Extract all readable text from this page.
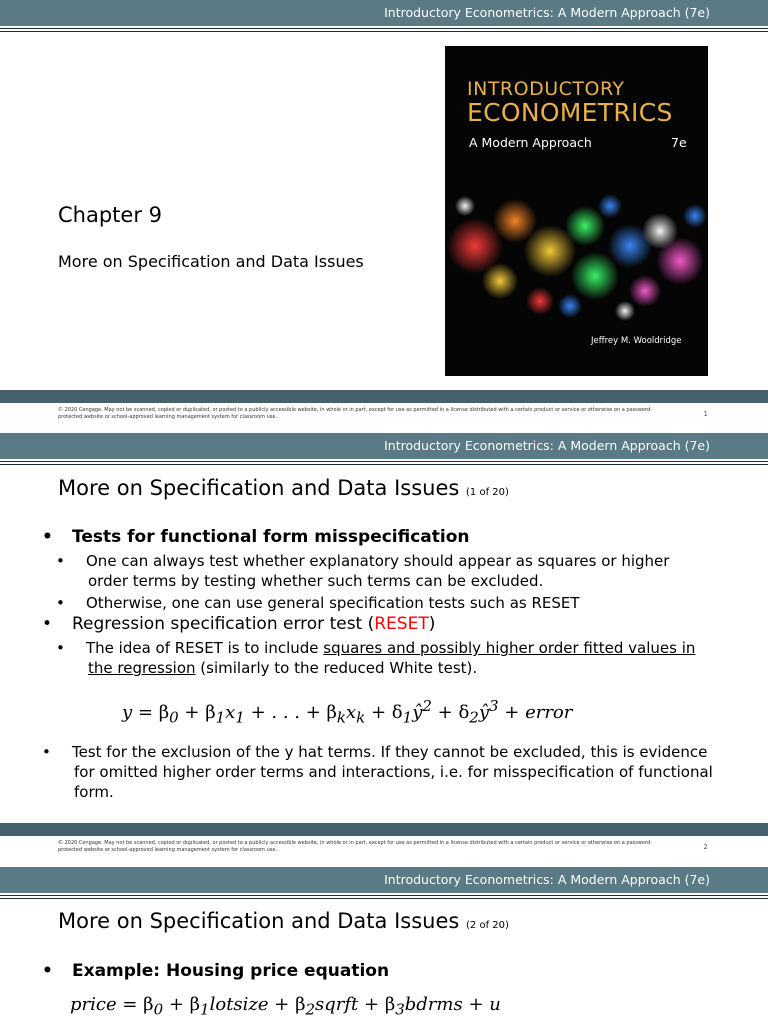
Introductory Econometrics: A Modern Approach (7e)
Chapter 9
More on Specification and Data Issues
INTRODUCTORY
ECONOMETRICS
A Modern Approach	7e
Jeffrey M. Wooldridge
© 2020 Cengage. May not be scanned, copied or duplicated, or posted to a publicly accessible website, in whole or in part, except for use as permitted in a license distributed with a certain product or service or otherwise on a password-protected website or school-approved learning management system for classroom use.	1
Introductory Econometrics: A Modern Approach (7e)
More on Specification and Data Issues (1 of 20)
• Tests for functional form misspecification
• One can always test whether explanatory should appear as squares or higher order terms by testing whether such terms can be excluded.
• Otherwise, one can use general specification tests such as RESET
• Regression specification error test (RESET)
• The idea of RESET is to include squares and possibly higher order fitted values in the regression (similarly to the reduced White test).
$y = \beta_0 + \beta_1x_1$ + . . . + $\beta_kx_k$ + $\delta_1ŷ^2$ + $\delta_2ŷ^3$ + error
• Test for the exclusion of the y hat terms. If they cannot be excluded, this is evidence for omitted higher order terms and interactions, i.e. for misspecification of functional form.
© 2020 Cengage. May not be scanned, copied or duplicated, or posted to a publicly accessible website, in whole or in part, except for use as permitted in a license distributed with a certain product or service or otherwise on a password-protected website or school-approved learning management system for classroom use.	2
Introductory Econometrics: A Modern Approach (7e)
More on Specification and Data Issues (2 of 20)
• Example: Housing price equation
price = $\beta_0$ + $\beta_1lotsize$ + $\beta_2sqrft$ + $\beta_3bdrms + u$
